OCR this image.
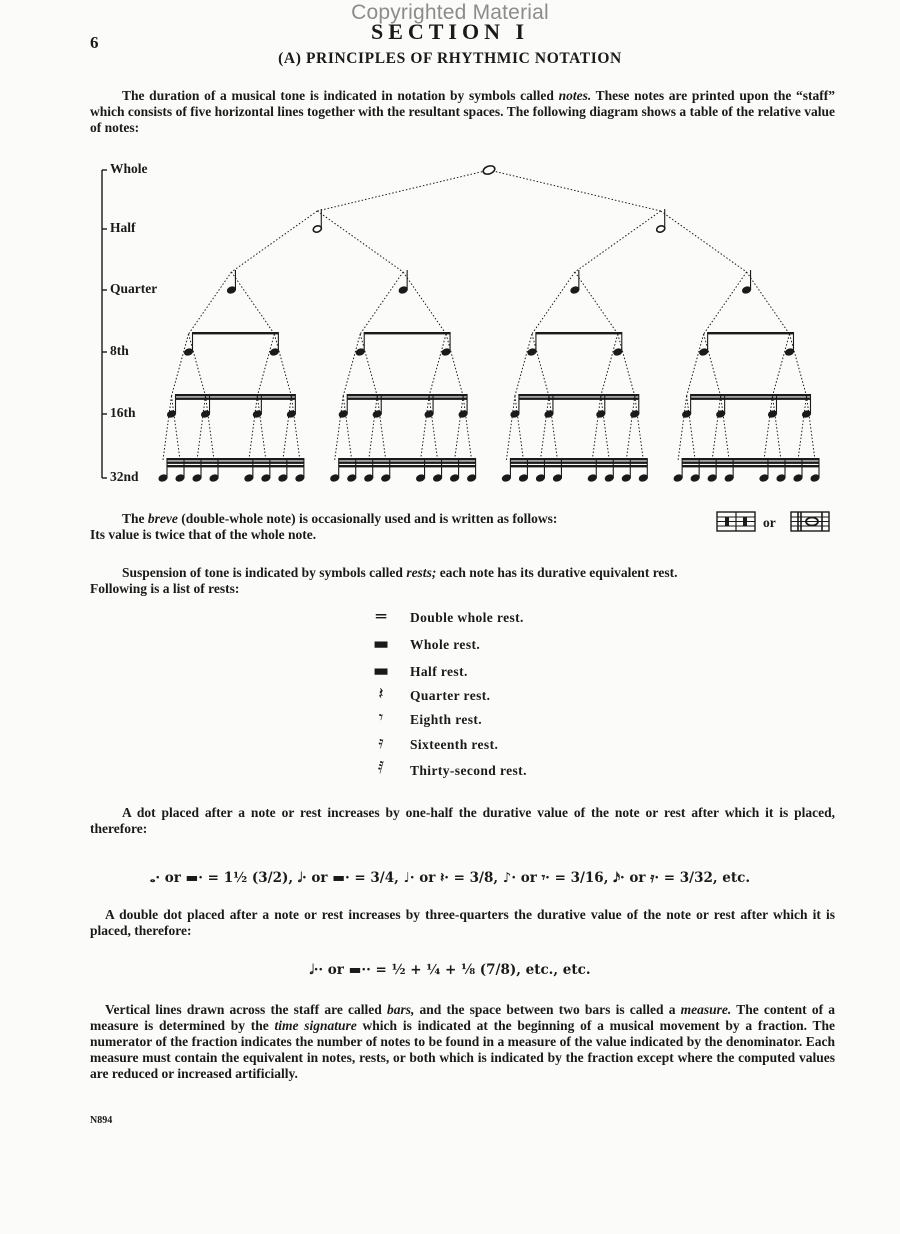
Copyrighted Material
6	SECTION I
(A) PRINCIPLES OF RHYTHMIC NOTATION

The duration of a musical tone is indicated in notation by symbols called notes. These notes are printed upon the “staff” which consists of five horizontal lines together with the resultant spaces. The following diagram shows a table of the relative value of notes:

Whole
Half
Quarter
8th
16th
32nd

The breve (double-whole note) is occasionally used and is written as follows:

Its value is twice that of the whole note.

or

Suspension of tone is indicated by symbols called rests; each note has its durative equivalent rest.

Following is a list of rests:

═	Double whole rest.
▬	Whole rest.
▬	Half rest.
𝄽	Quarter rest.
𝄾	Eighth rest.
𝄿	Sixteenth rest.
𝅀	Thirty-second rest.
A dot placed after a note or rest increases by one-half the durative value of the note or rest after which it is placed, therefore:
𝅝· or ▬· = 1½ (3/2), 𝅗𝅥· or ▬· = 3/4, ♩· or 𝄽· = 3/8, ♪· or 𝄾· = 3/16, 𝅘𝅥𝅯· or 𝄿· = 3/32, etc.
A double dot placed after a note or rest increases by three-quarters the durative value of the note or rest after which it is placed, therefore:
𝅗𝅥·· or ▬·· = ½ + ¼ + ⅛ (7/8), etc., etc.

Vertical lines drawn across the staff are called bars, and the space between two bars is called a measure. The content of a measure is determined by the time signature which is indicated at the beginning of a musical movement by a fraction. The numerator of the fraction indicates the number of notes to be found in a measure of the value indicated by the denominator. Each measure must contain the equivalent in notes, rests, or both which is indicated by the fraction except where the computed values are reduced or increased artificially.

N894
